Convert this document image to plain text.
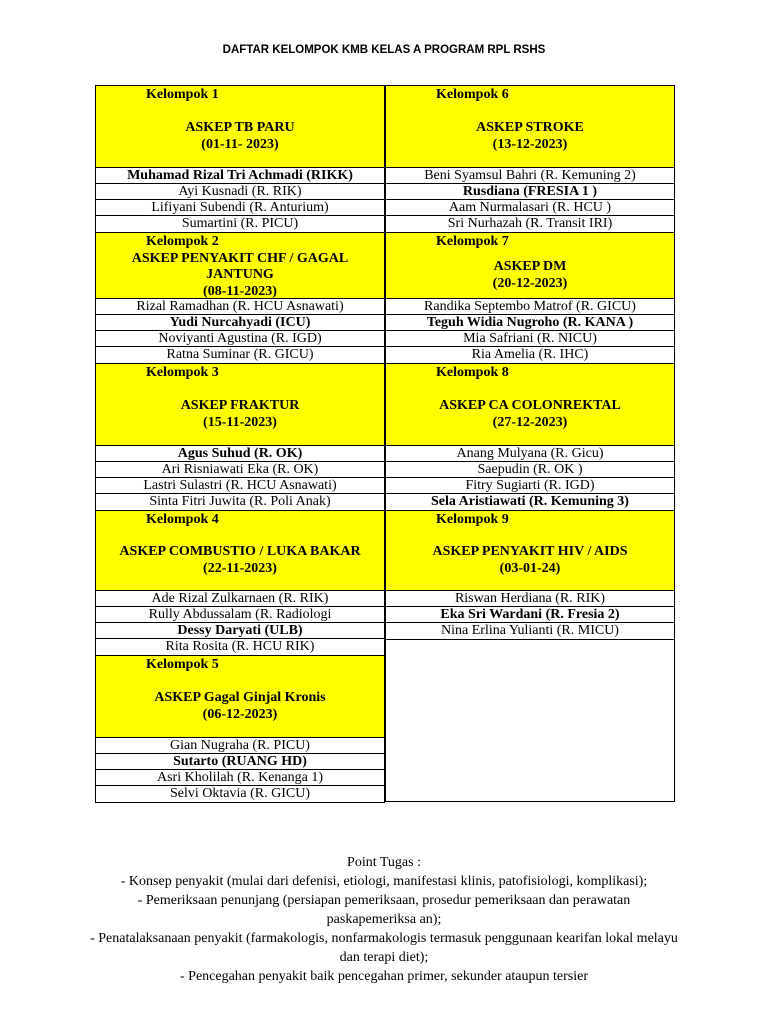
DAFTAR KELOMPOK KMB KELAS A PROGRAM RPL RSHS
Kelompok 1
ASKEP TB PARU
(01-11- 2023)
Muhamad Rizal Tri Achmadi (RIKK)
Ayi Kusnadi (R. RIK)
Lifiyani Subendi (R. Anturium)
Sumartini (R. PICU)
Kelompok 2
ASKEP PENYAKIT CHF / GAGAL JANTUNG
(08-11-2023)
Rizal Ramadhan (R. HCU Asnawati)
Yudi Nurcahyadi (ICU)
Noviyanti Agustina (R. IGD)
Ratna Suminar (R. GICU)
Kelompok 3
ASKEP FRAKTUR
(15-11-2023)
Agus Suhud (R. OK)
Ari Risniawati Eka (R. OK)
Lastri Sulastri (R. HCU Asnawati)
Sinta Fitri Juwita (R. Poli Anak)
Kelompok 4
ASKEP COMBUSTIO / LUKA BAKAR
(22-11-2023)
Ade Rizal Zulkarnaen (R. RIK)
Rully Abdussalam (R. Radiologi
Dessy Daryati (ULB)
Rita Rosita (R. HCU RIK)
Kelompok 5
ASKEP Gagal Ginjal Kronis
(06-12-2023)
Gian Nugraha (R. PICU)
Sutarto (RUANG HD)
Asri Kholilah (R. Kenanga 1)
Selvi Oktavia (R. GICU)
Kelompok 6
ASKEP STROKE
(13-12-2023)
Beni Syamsul Bahri (R. Kemuning 2)
Rusdiana (FRESIA 1 )
Aam Nurmalasari (R. HCU )
Sri Nurhazah (R. Transit IRI)
Kelompok 7
ASKEP DM
(20-12-2023)
Randika Septembo Matrof (R. GICU)
Teguh Widia Nugroho (R. KANA )
Mia Safriani (R. NICU)
Ria Amelia (R. IHC)
Kelompok 8
ASKEP CA COLONREKTAL
(27-12-2023)
Anang Mulyana (R. Gicu)
Saepudin (R. OK )
Fitry Sugiarti (R. IGD)
Sela Aristiawati (R. Kemuning 3)
Kelompok 9
ASKEP PENYAKIT HIV / AIDS
(03-01-24)
Riswan Herdiana (R. RIK)
Eka Sri Wardani (R. Fresia 2)
Nina Erlina Yulianti (R. MICU)
Point Tugas :
- Konsep penyakit (mulai dari defenisi, etiologi, manifestasi klinis, patofisiologi, komplikasi);
- Pemeriksaan penunjang (persiapan pemeriksaan, prosedur pemeriksaan dan perawatan paskapemeriksa an);
- Penatalaksanaan penyakit (farmakologis, nonfarmakologis termasuk penggunaan kearifan lokal melayu dan terapi diet);
- Pencegahan penyakit baik pencegahan primer, sekunder ataupun tersier
